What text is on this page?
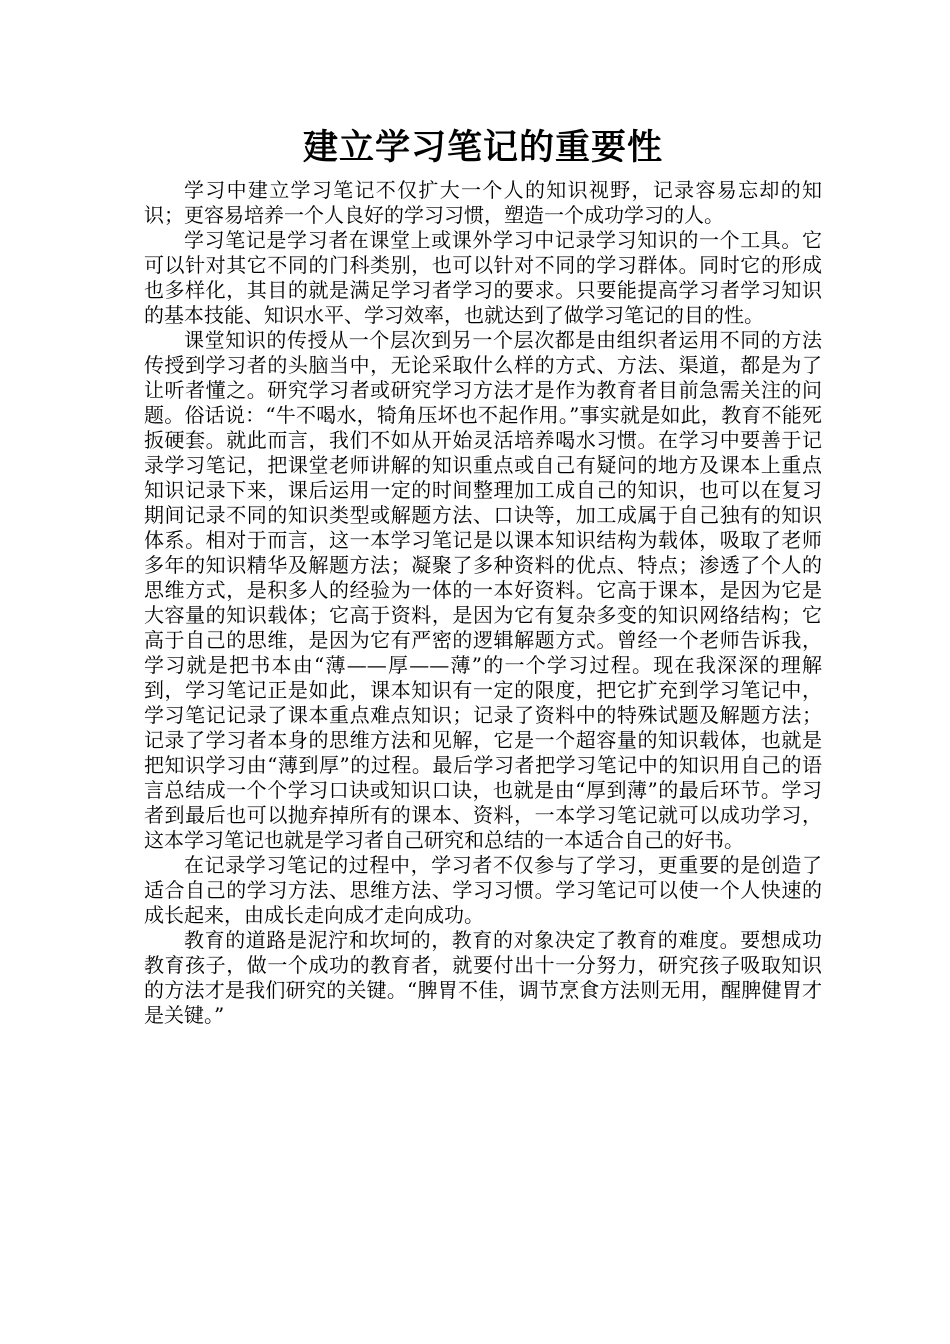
建立学习笔记的重要性

学习中建立学习笔记不仅扩大一个人的知识视野，记录容易忘却的知识；更容易培养一个人良好的学习习惯，塑造一个成功学习的人。

学习笔记是学习者在课堂上或课外学习中记录学习知识的一个工具。它可以针对其它不同的门科类别，也可以针对不同的学习群体。同时它的形成也多样化，其目的就是满足学习者学习的要求。只要能提高学习者学习知识的基本技能、知识水平、学习效率，也就达到了做学习笔记的目的性。

课堂知识的传授从一个层次到另一个层次都是由组织者运用不同的方法传授到学习者的头脑当中，无论采取什么样的方式、方法、渠道，都是为了让听者懂之。研究学习者或研究学习方法才是作为教育者目前急需关注的问题。俗话说：“牛不喝水，犄角压坏也不起作用。”事实就是如此，教育不能死扳硬套。就此而言，我们不如从开始灵活培养喝水习惯。在学习中要善于记录学习笔记，把课堂老师讲解的知识重点或自己有疑问的地方及课本上重点知识记录下来，课后运用一定的时间整理加工成自己的知识，也可以在复习期间记录不同的知识类型或解题方法、口诀等，加工成属于自己独有的知识体系。相对于而言，这一本学习笔记是以课本知识结构为载体，吸取了老师多年的知识精华及解题方法；凝聚了多种资料的优点、特点；渗透了个人的思维方式，是积多人的经验为一体的一本好资料。它高于课本，是因为它是大容量的知识载体；它高于资料，是因为它有复杂多变的知识网络结构；它高于自己的思维，是因为它有严密的逻辑解题方式。曾经一个老师告诉我，学习就是把书本由“薄——厚——薄”的一个学习过程。现在我深深的理解到，学习笔记正是如此，课本知识有一定的限度，把它扩充到学习笔记中，学习笔记记录了课本重点难点知识；记录了资料中的特殊试题及解题方法；记录了学习者本身的思维方法和见解，它是一个超容量的知识载体，也就是把知识学习由“薄到厚”的过程。最后学习者把学习笔记中的知识用自己的语言总结成一个个学习口诀或知识口诀，也就是由“厚到薄”的最后环节。学习者到最后也可以抛弃掉所有的课本、资料，一本学习笔记就可以成功学习，这本学习笔记也就是学习者自己研究和总结的一本适合自己的好书。

在记录学习笔记的过程中，学习者不仅参与了学习，更重要的是创造了适合自己的学习方法、思维方法、学习习惯。学习笔记可以使一个人快速的成长起来，由成长走向成才走向成功。

教育的道路是泥泞和坎坷的，教育的对象决定了教育的难度。要想成功教育孩子，做一个成功的教育者，就要付出十一分努力，研究孩子吸取知识的方法才是我们研究的关键。“脾胃不佳，调节烹食方法则无用，醒脾健胃才是关键。”
